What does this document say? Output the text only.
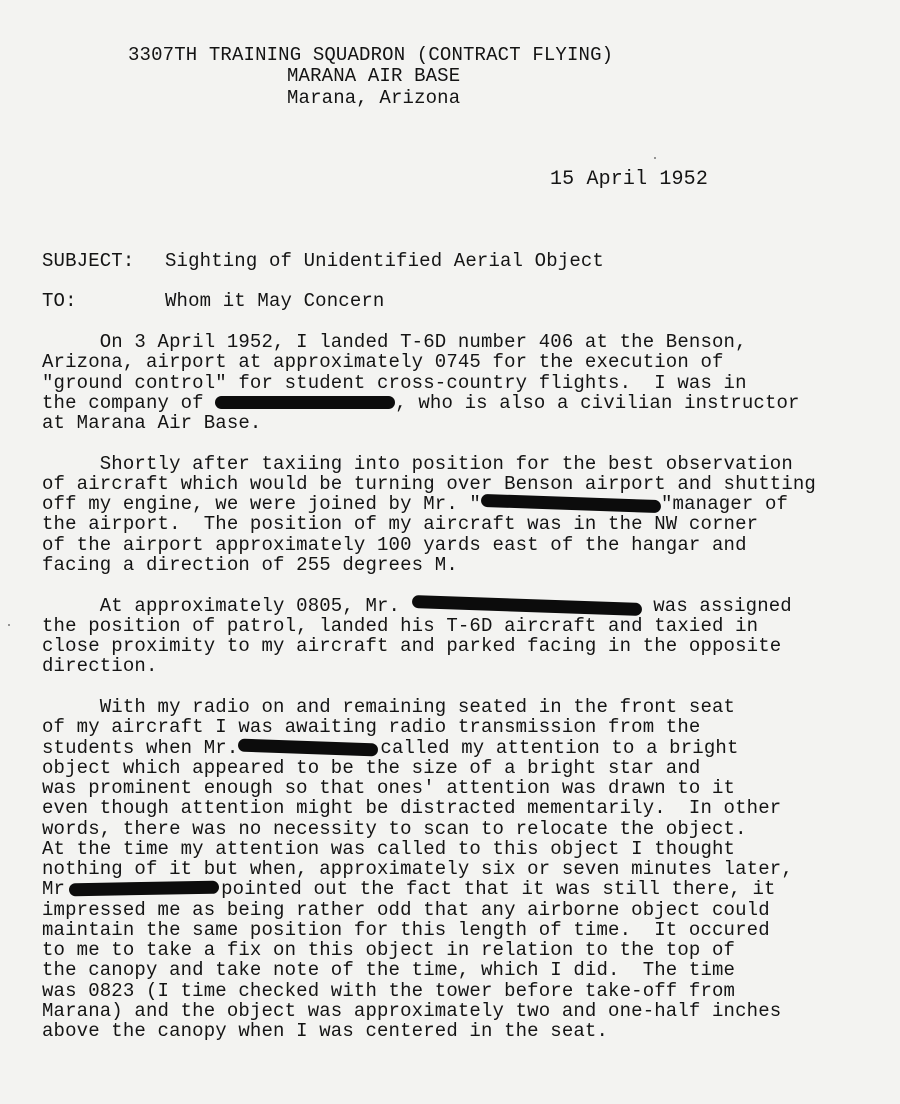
3307TH TRAINING SQUADRON (CONTRACT FLYING)
MARANA AIR BASE
Marana, Arizona
15 April 1952
SUBJECT: Sighting of Unidentified Aerial Object
TO:	Whom it May Concern
On 3 April 1952, I landed T-6D number 406 at the Benson,
Arizona, airport at approximately 0745 for the execution of
"ground control" for student cross-country flights.  I was in
the company of	, who is also a civilian instructor
at Marana Air Base.
Shortly after taxiing into position for the best observation
of aircraft which would be turning over Benson airport and shutting
off my engine, we were joined by Mr. "	"manager of
the airport.  The position of my aircraft was in the NW corner
of the airport approximately 100 yards east of the hangar and
facing a direction of 255 degrees M.
At approximately 0805, Mr.	was assigned
the position of patrol, landed his T-6D aircraft and taxied in
close proximity to my aircraft and parked facing in the opposite
direction.
With my radio on and remaining seated in the front seat
of my aircraft I was awaiting radio transmission from the
students when Mr.	called my attention to a bright
object which appeared to be the size of a bright star and
was prominent enough so that ones' attention was drawn to it
even though attention might be distracted mementarily.  In other
words, there was no necessity to scan to relocate the object.
At the time my attention was called to this object I thought
nothing of it but when, approximately six or seven minutes later,
Mr	pointed out the fact that it was still there, it
impressed me as being rather odd that any airborne object could
maintain the same position for this length of time.  It occured
to me to take a fix on this object in relation to the top of
the canopy and take note of the time, which I did.  The time
was 0823 (I time checked with the tower before take-off from
Marana) and the object was approximately two and one-half inches
above the canopy when I was centered in the seat.
